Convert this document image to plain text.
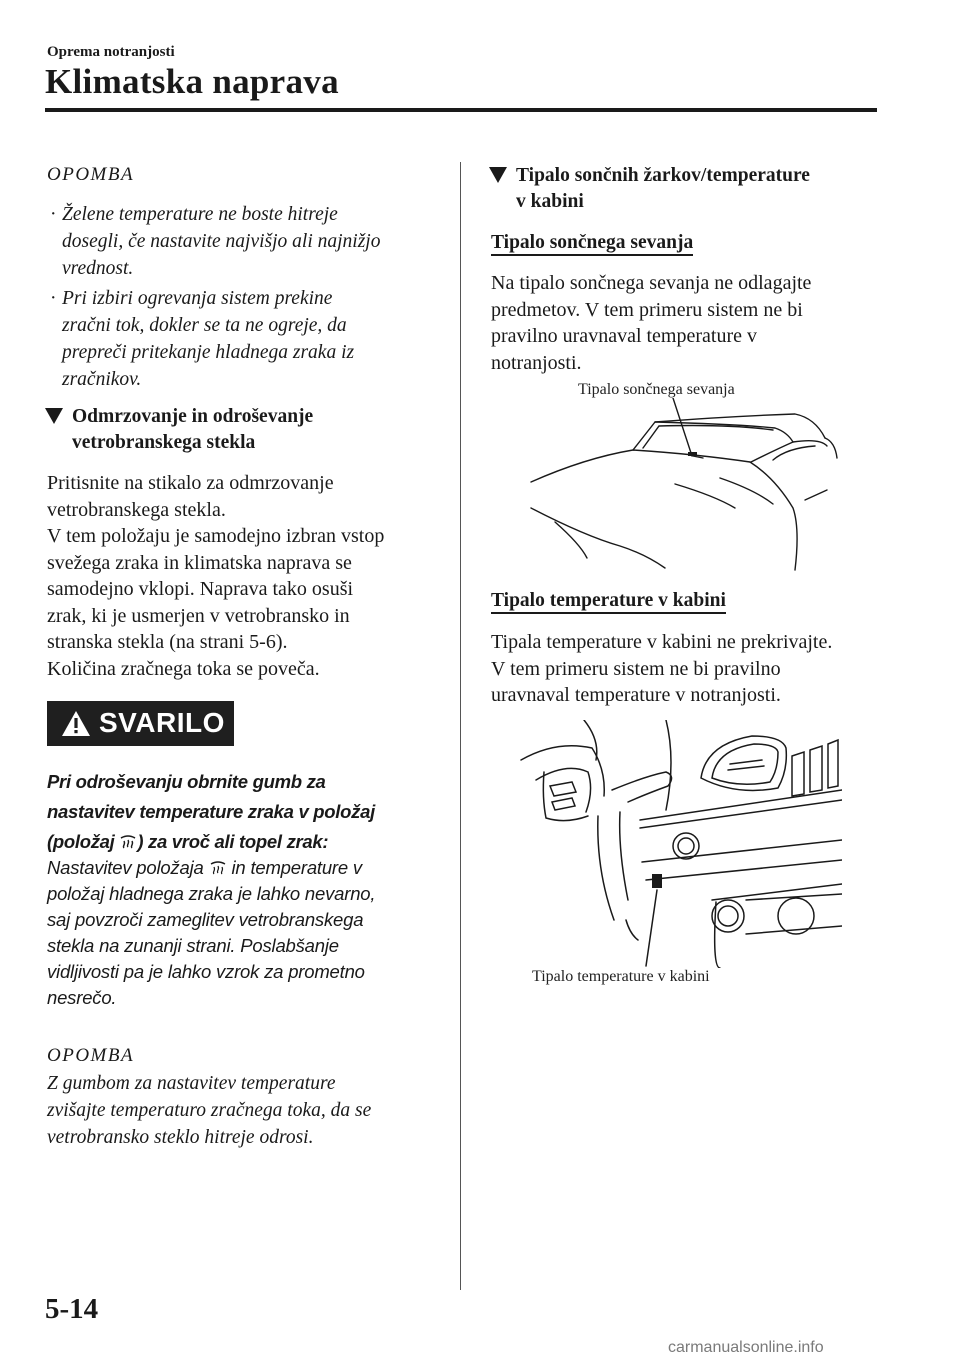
Oprema notranjosti
Klimatska naprava
OPOMBA
· Želene temperature ne boste hitreje
dosegli, če nastavite najvišjo ali najnižjo
vrednost.
· Pri izbiri ogrevanja sistem prekine
zračni tok, dokler se ta ne ogreje, da
prepreči pritekanje hladnega zraka iz
zračnikov.
Odmrzovanje in odroševanje
vetrobranskega stekla
Pritisnite na stikalo za odmrzovanje
vetrobranskega stekla.
V tem položaju je samodejno izbran vstop
svežega zraka in klimatska naprava se
samodejno vklopi. Naprava tako osuši
zrak, ki je usmerjen v vetrobransko in
stranska stekla (na strani 5-6).
Količina zračnega toka se poveča.
SVARILO
Pri odroševanju obrnite gumb za
nastavitev temperature zraka v položaj
(položaj ) za vroč ali topel zrak:
Nastavitev položaja  in temperature v
položaj hladnega zraka je lahko nevarno,
saj povzroči zameglitev vetrobranskega
stekla na zunanji strani. Poslabšanje
vidljivosti pa je lahko vzrok za prometno
nesrečo.
OPOMBA
Z gumbom za nastavitev temperature
zvišajte temperaturo zračnega toka, da se
vetrobransko steklo hitreje odrosi.
Tipalo sončnih žarkov/temperature
v kabini
Tipalo sončnega sevanja
Na tipalo sončnega sevanja ne odlagajte
predmetov. V tem primeru sistem ne bi
pravilno uravnaval temperature v
notranjosti.
Tipalo sončnega sevanja
Tipalo temperature v kabini
Tipala temperature v kabini ne prekrivajte.
V tem primeru sistem ne bi pravilno
uravnaval temperature v notranjosti.
Tipalo temperature v kabini
5-14
carmanualsonline.info
